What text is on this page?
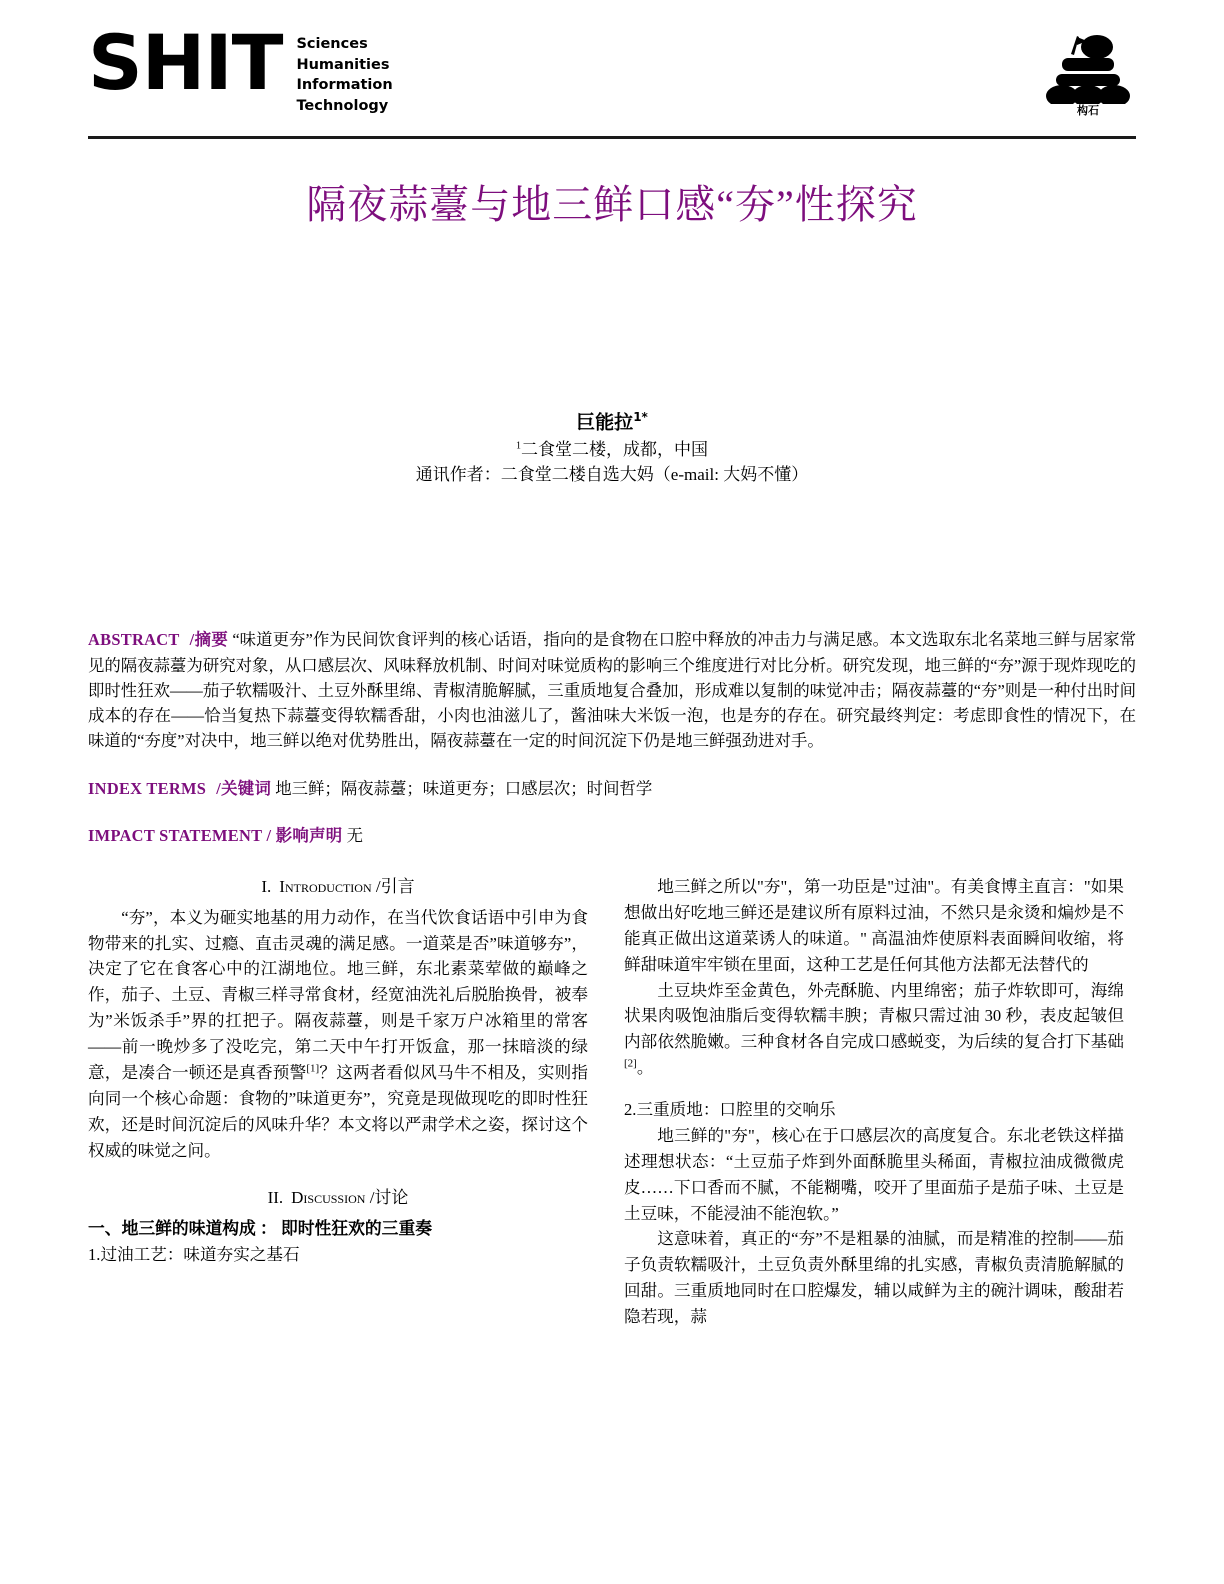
SHIT Sciences
Humanities
Information
Technology	构石
隔夜蒜薹与地三鲜口感“夯”性探究
巨能拉$^{1*}$
$^1$二食堂二楼，成都，中国
通讯作者：二食堂二楼自选大妈（e-mail: 大妈不懂）
ABSTRACT /摘要 “味道更夯”作为民间饮食评判的核心话语，指向的是食物在口腔中释放的冲击力与满足感。本文选取东北名菜地三鲜与居家常见的隔夜蒜薹为研究对象，从口感层次、风味释放机制、时间对味觉质构的影响三个维度进行对比分析。研究发现，地三鲜的“夯”源于现炸现吃的即时性狂欢——茄子软糯吸汁、土豆外酥里绵、青椒清脆解腻，三重质地复合叠加，形成难以复制的味觉冲击；隔夜蒜薹的“夯”则是一种付出时间成本的存在——恰当复热下蒜薹变得软糯香甜，小肉也油滋儿了，酱油味大米饭一泡，也是夯的存在。研究最终判定：考虑即食性的情况下，在味道的“夯度”对决中，地三鲜以绝对优势胜出，隔夜蒜薹在一定的时间沉淀下仍是地三鲜强劲进对手。
INDEX TERMS /关键词 地三鲜；隔夜蒜薹；味道更夯；口感层次；时间哲学
IMPACT STATEMENT / 影响声明 无
I. Introduction /引言

“夯”，本义为砸实地基的用力动作，在当代饮食话语中引申为食物带来的扎实、过瘾、直击灵魂的满足感。一道菜是否”味道够夯”，决定了它在食客心中的江湖地位。地三鲜，东北素菜荤做的巅峰之作，茄子、土豆、青椒三样寻常食材，经宽油洗礼后脱胎换骨，被奉为”米饭杀手”界的扛把子。隔夜蒜薹，则是千家万户冰箱里的常客——前一晚炒多了没吃完，第二天中午打开饭盒，那一抹暗淡的绿意，是凑合一顿还是真香预警[1]？这两者看似风马牛不相及，实则指向同一个核心命题：食物的”味道更夯”，究竟是现做现吃的即时性狂欢，还是时间沉淀后的风味升华？本文将以严肃学术之姿，探讨这个权威的味觉之问。

II. Discussion /讨论

一、地三鲜的味道构成 ： 即时性狂欢的三重奏

1.过油工艺：味道夯实之基石

地三鲜之所以"夯"，第一功臣是"过油"。有美食博主直言："如果想做出好吃地三鲜还是建议所有原料过油，不然只是汆烫和煸炒是不能真正做出这道菜诱人的味道。" 高温油炸使原料表面瞬间收缩，将鲜甜味道牢牢锁在里面，这种工艺是任何其他方法都无法替代的

土豆块炸至金黄色，外壳酥脆、内里绵密；茄子炸软即可，海绵状果肉吸饱油脂后变得软糯丰腴；青椒只需过油 30 秒，表皮起皱但内部依然脆嫩。三种食材各自完成口感蜕变，为后续的复合打下基础[2]。

2.三重质地：口腔里的交响乐

地三鲜的"夯"，核心在于口感层次的高度复合。东北老铁这样描述理想状态：“土豆茄子炸到外面酥脆里头稀面，青椒拉油成微微虎皮……下口香而不腻，不能糊嘴，咬开了里面茄子是茄子味、土豆是土豆味，不能浸油不能泡软。”

这意味着，真正的“夯”不是粗暴的油腻，而是精准的控制——茄子负责软糯吸汁，土豆负责外酥里绵的扎实感，青椒负责清脆解腻的回甜。三重质地同时在口腔爆发，辅以咸鲜为主的碗汁调味，酸甜若隐若现，蒜
